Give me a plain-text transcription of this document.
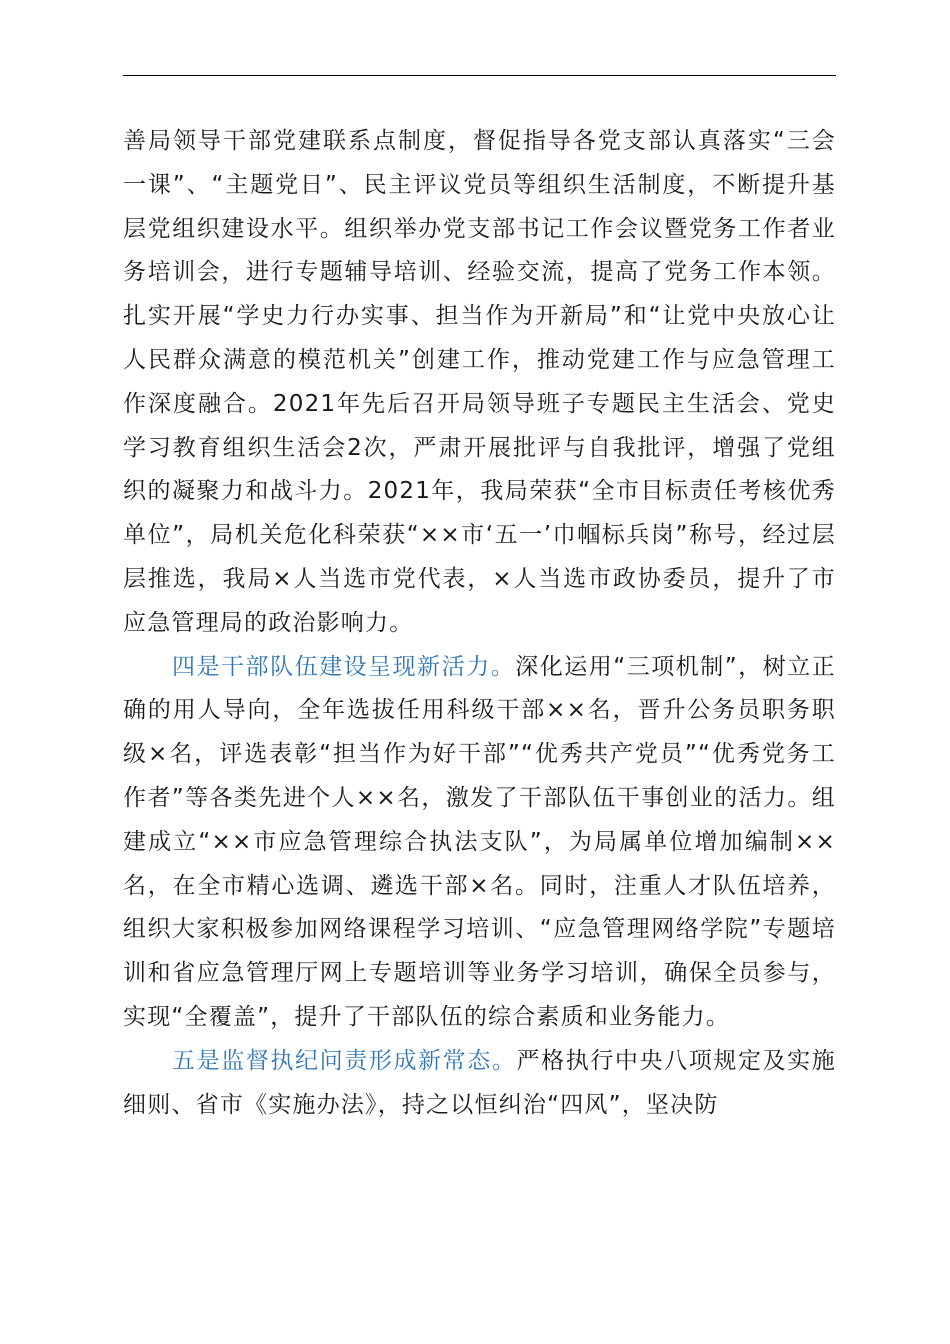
善局领导干部党建联系点制度，督促指导各党支部认真落实“三会一课”、“主题党日”、民主评议党员等组织生活制度，不断提升基层党组织建设水平。组织举办党支部书记工作会议暨党务工作者业务培训会，进行专题辅导培训、经验交流，提高了党务工作本领。扎实开展“学史力行办实事、担当作为开新局”和“让党中央放心让人民群众满意的模范机关”创建工作，推动党建工作与应急管理工作深度融合。2021年先后召开局领导班子专题民主生活会、党史学习教育组织生活会2次，严肃开展批评与自我批评，增强了党组织的凝聚力和战斗力。2021年，我局荣获“全市目标责任考核优秀单位”，局机关危化科荣获“××市‘五一’巾帼标兵岗”称号，经过层层推选，我局×人当选市党代表，×人当选市政协委员，提升了市应急管理局的政治影响力。

四是干部队伍建设呈现新活力。深化运用“三项机制”，树立正确的用人导向，全年选拔任用科级干部××名，晋升公务员职务职级×名，评选表彰“担当作为好干部”“优秀共产党员”“优秀党务工作者”等各类先进个人××名，激发了干部队伍干事创业的活力。组建成立“××市应急管理综合执法支队”，为局属单位增加编制××名，在全市精心选调、遴选干部×名。同时，注重人才队伍培养，组织大家积极参加网络课程学习培训、“应急管理网络学院”专题培训和省应急管理厅网上专题培训等业务学习培训，确保全员参与，实现“全覆盖”，提升了干部队伍的综合素质和业务能力。

五是监督执纪问责形成新常态。严格执行中央八项规定及实施细则、省市《实施办法》，持之以恒纠治“四风”，坚决防
